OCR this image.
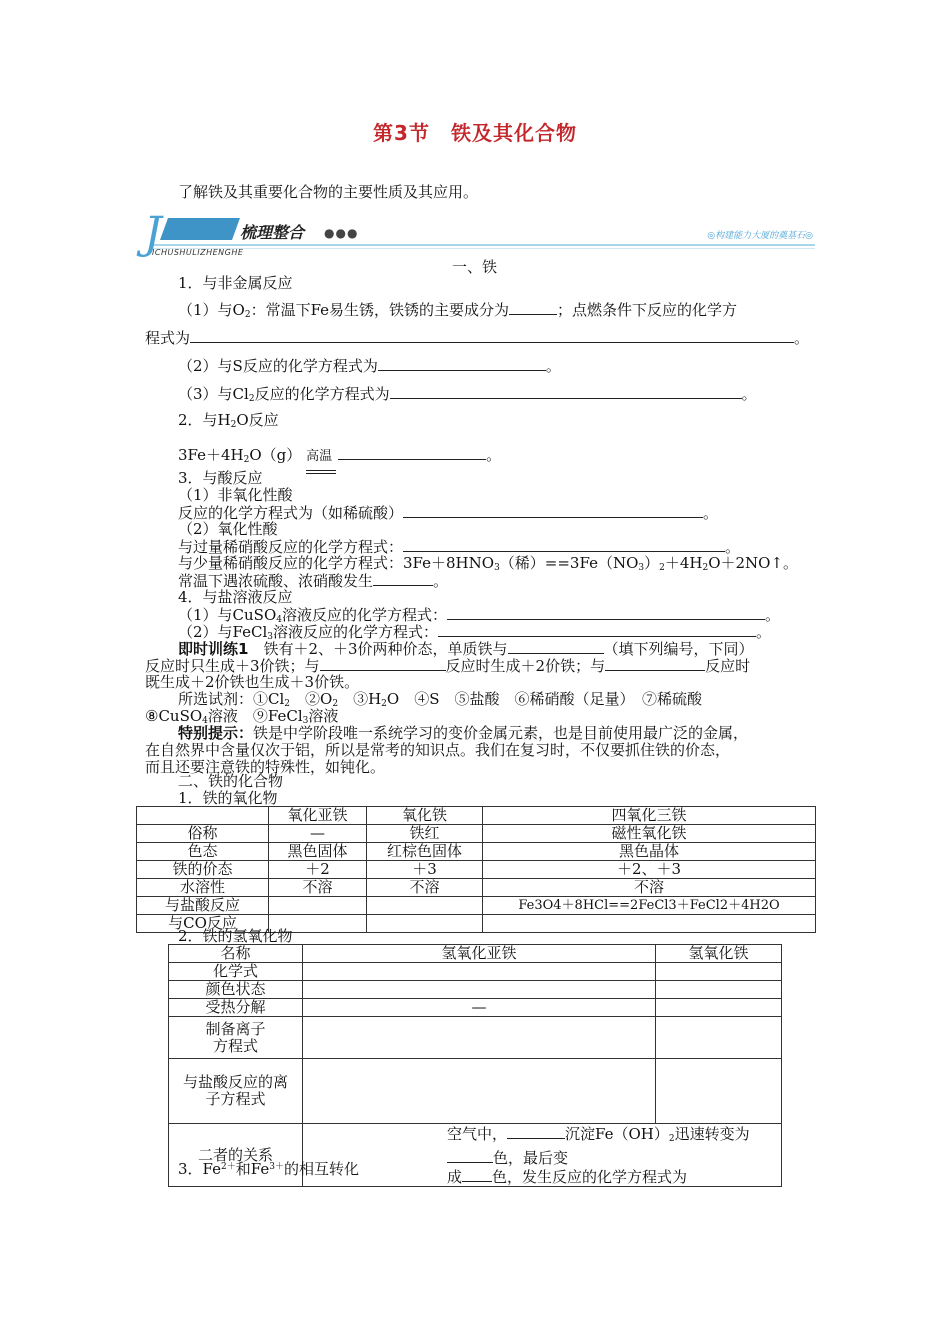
第3节　铁及其化合物
了解铁及其重要化合物的主要性质及其应用。
J	梳理整合 ●●●
ICHUSHULIZHENGHE
◎构建能力大厦的奠基石◎
一、铁
1．与非金属反应
（1）与$O_2$：常温下Fe易生锈，铁锈的主要成分为	；点燃条件下反应的化学方
程式为	。
（2）与S反应的化学方程式为	。
（3）与$Cl_2$反应的化学方程式为	。
2．与$H_2O$反应
$3Fe+4H_2O(g)$ 高温	。
3．与酸反应
（1）非氧化性酸
反应的化学方程式为（如稀硫酸）	。
（2）氧化性酸
与过量稀硝酸反应的化学方程式：	。
与少量稀硝酸反应的化学方程式：$3Fe+8HNO_3$（稀）$==3Fe(NO_3)_2+4H_2O+2NO↑$。
常温下遇浓硫酸、浓硝酸发生	。
4．与盐溶液反应
（1）与CuSO$_4$溶液反应的化学方程式：	。
（2）与FeCl$_3$溶液反应的化学方程式：	。
即时训练1　铁有＋2、＋3价两种价态，单质铁与	（填下列编号，下同）
反应时只生成＋3价铁；与	反应时生成＋2价铁；与	反应时
既生成＋2价铁也生成＋3价铁。
所选试剂：$①Cl_2$　$②O_2$　$③H_2O$　④S　⑤盐酸　⑥稀硝酸（足量）　⑦稀硫酸
⑧CuSO$_4$溶液　⑨FeCl$_3$溶液
特别提示：铁是中学阶段唯一系统学习的变价金属元素，也是目前使用最广泛的金属，
在自然界中含量仅次于铝，所以是常考的知识点。我们在复习时，不仅要抓住铁的价态，
而且还要注意铁的特殊性，如钝化。
二、铁的化合物
1．铁的氧化物
	氧化亚铁	氧化铁	四氧化三铁
俗称	—	铁红	磁性氧化铁
色态	黑色固体	红棕色固体	黑色晶体
铁的价态	＋2	＋3	＋2、＋3
水溶性	不溶	不溶	不溶
与盐酸反应			Fe3O4＋8HCl==2FeCl3＋FeCl2＋4H2O
与CO反应			
2．铁的氢氧化物
名称	氢氧化亚铁	氢氧化铁
化学式		
颜色状态		
受热分解	—	
制备离子
方程式		
与盐酸反应的离
子方程式		
二者的关系	空气中， 沉淀$Fe(OH)_2$迅速转变为色，最后变
成 色，发生反应的化学方程式为	
3．$Fe^{2+}$和$Fe^{3+}$的相互转化
